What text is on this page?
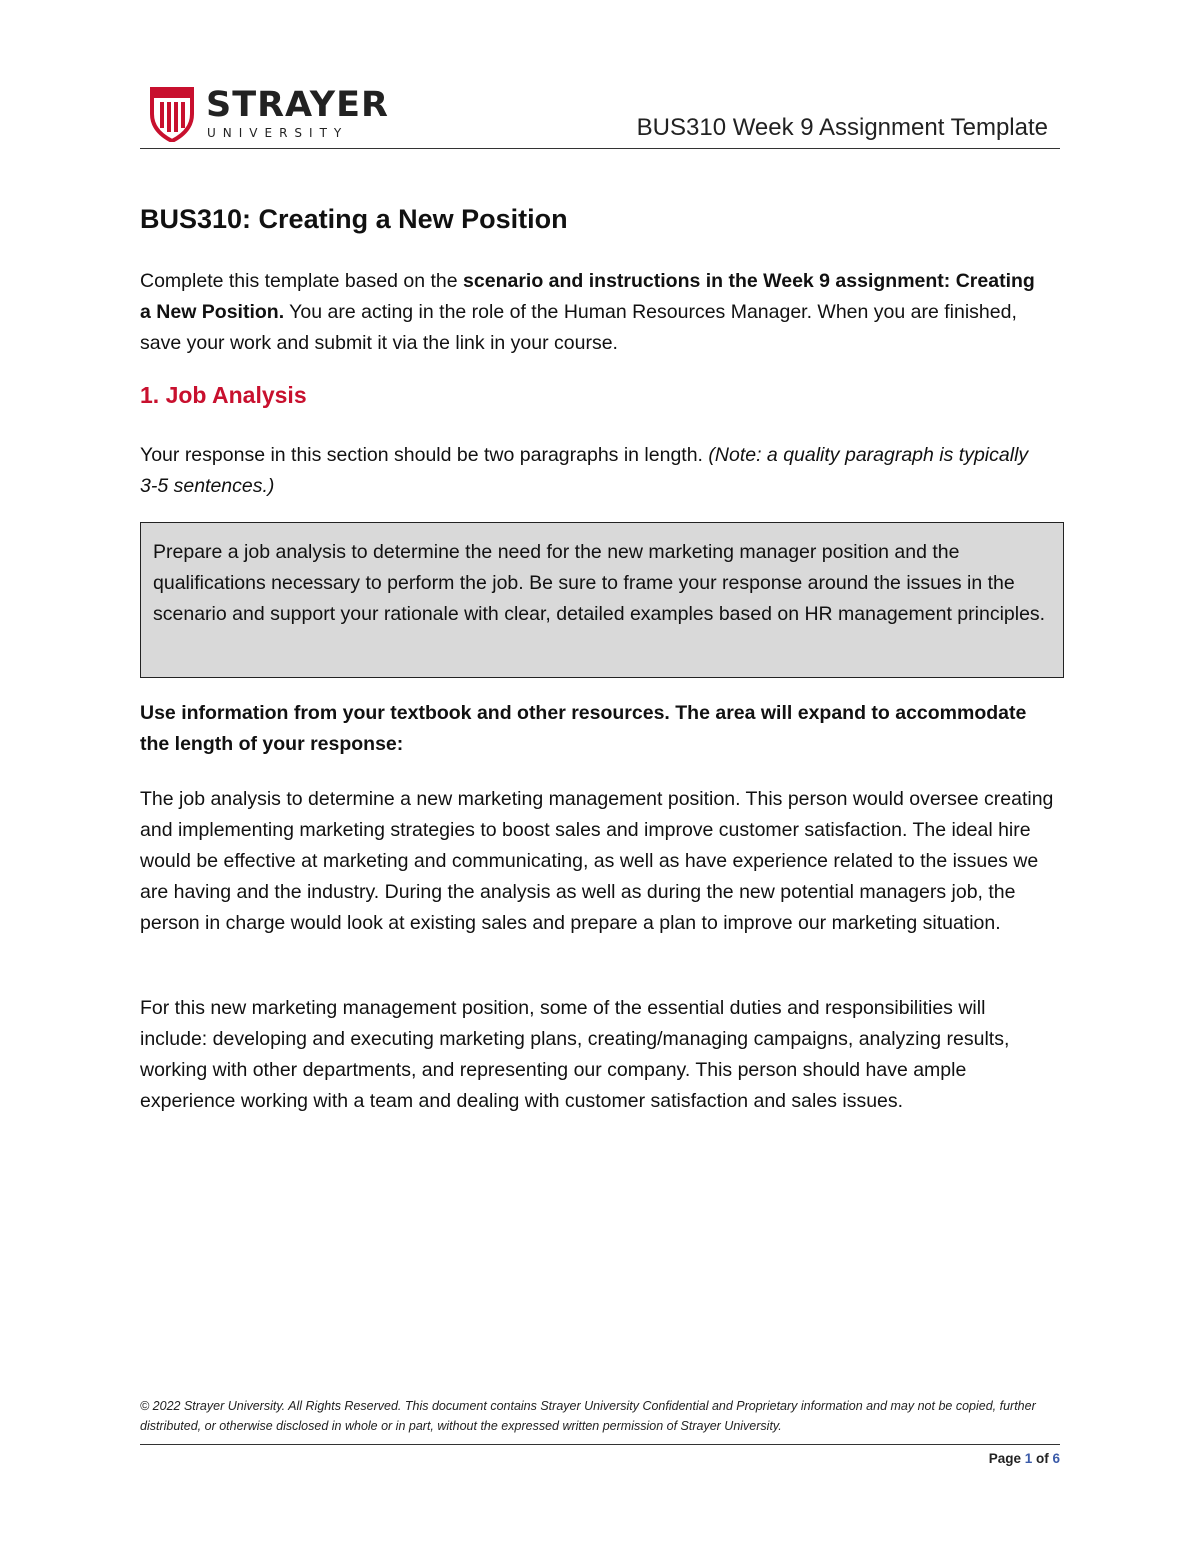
STRAYER
UNIVERSITY	BUS310 Week 9 Assignment Template
BUS310: Creating a New Position
Complete this template based on the scenario and instructions in the Week 9 assignment: Creating a New Position. You are acting in the role of the Human Resources Manager. When you are finished, save your work and submit it via the link in your course.
1. Job Analysis
Your response in this section should be two paragraphs in length. (Note: a quality paragraph is typically 3-5 sentences.)
Prepare a job analysis to determine the need for the new marketing manager position and the qualifications necessary to perform the job. Be sure to frame your response around the issues in the scenario and support your rationale with clear, detailed examples based on HR management principles.
Use information from your textbook and other resources. The area will expand to accommodate the length of your response:

The job analysis to determine a new marketing management position. This person would oversee creating and implementing marketing strategies to boost sales and improve customer satisfaction. The ideal hire would be effective at marketing and communicating, as well as have experience related to the issues we are having and the industry. During the analysis as well as during the new potential managers job, the person in charge would look at existing sales and prepare a plan to improve our marketing situation.

For this new marketing management position, some of the essential duties and responsibilities will include: developing and executing marketing plans, creating/managing campaigns, analyzing results, working with other departments, and representing our company. This person should have ample experience working with a team and dealing with customer satisfaction and sales issues.

© 2022 Strayer University. All Rights Reserved. This document contains Strayer University Confidential and Proprietary information and may not be copied, further distributed, or otherwise disclosed in whole or in part, without the expressed written permission of Strayer University.
Page 1 of 6
